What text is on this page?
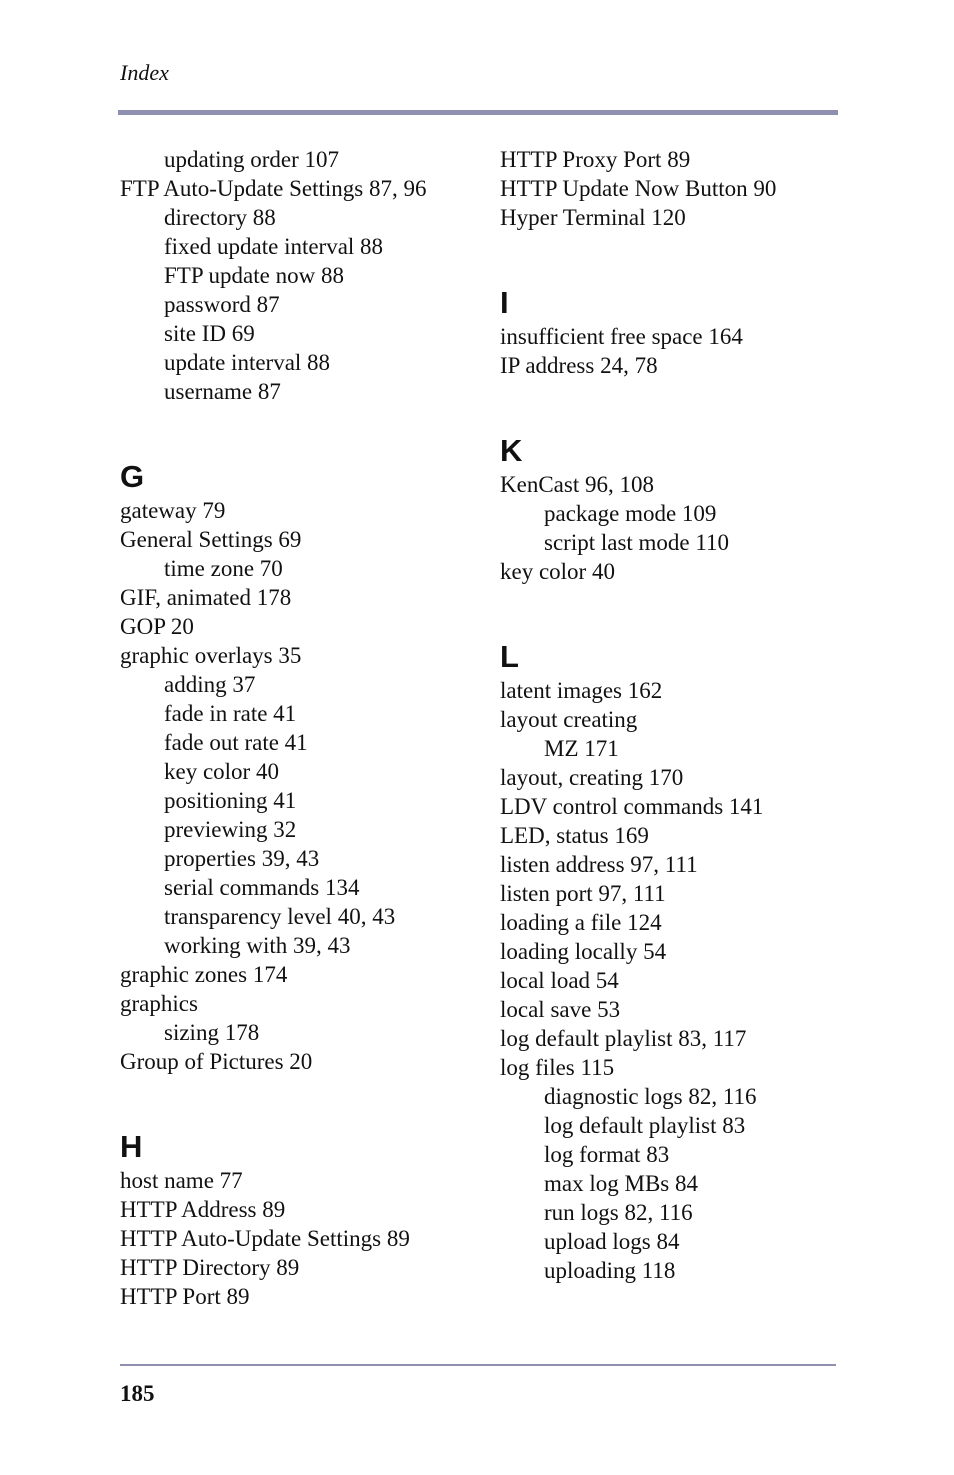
Index
updating order 107
FTP Auto-Update Settings 87, 96
directory 88
fixed update interval 88
FTP update now 88
password 87
site ID 69
update interval 88
username 87
G
gateway 79
General Settings 69
time zone 70
GIF, animated 178
GOP 20
graphic overlays 35
adding 37
fade in rate 41
fade out rate 41
key color 40
positioning 41
previewing 32
properties 39, 43
serial commands 134
transparency level 40, 43
working with 39, 43
graphic zones 174
graphics
sizing 178
Group of Pictures 20
H
host name 77
HTTP Address 89
HTTP Auto-Update Settings 89
HTTP Directory 89
HTTP Port 89
HTTP Proxy Port 89
HTTP Update Now Button 90
Hyper Terminal 120
I
insufficient free space 164
IP address 24, 78
K
KenCast 96, 108
package mode 109
script last mode 110
key color 40
L
latent images 162
layout creating
MZ 171
layout, creating 170
LDV control commands 141
LED, status 169
listen address 97, 111
listen port 97, 111
loading a file 124
loading locally 54
local load 54
local save 53
log default playlist 83, 117
log files 115
diagnostic logs 82, 116
log default playlist 83
log format 83
max log MBs 84
run logs 82, 116
upload logs 84
uploading 118
185
